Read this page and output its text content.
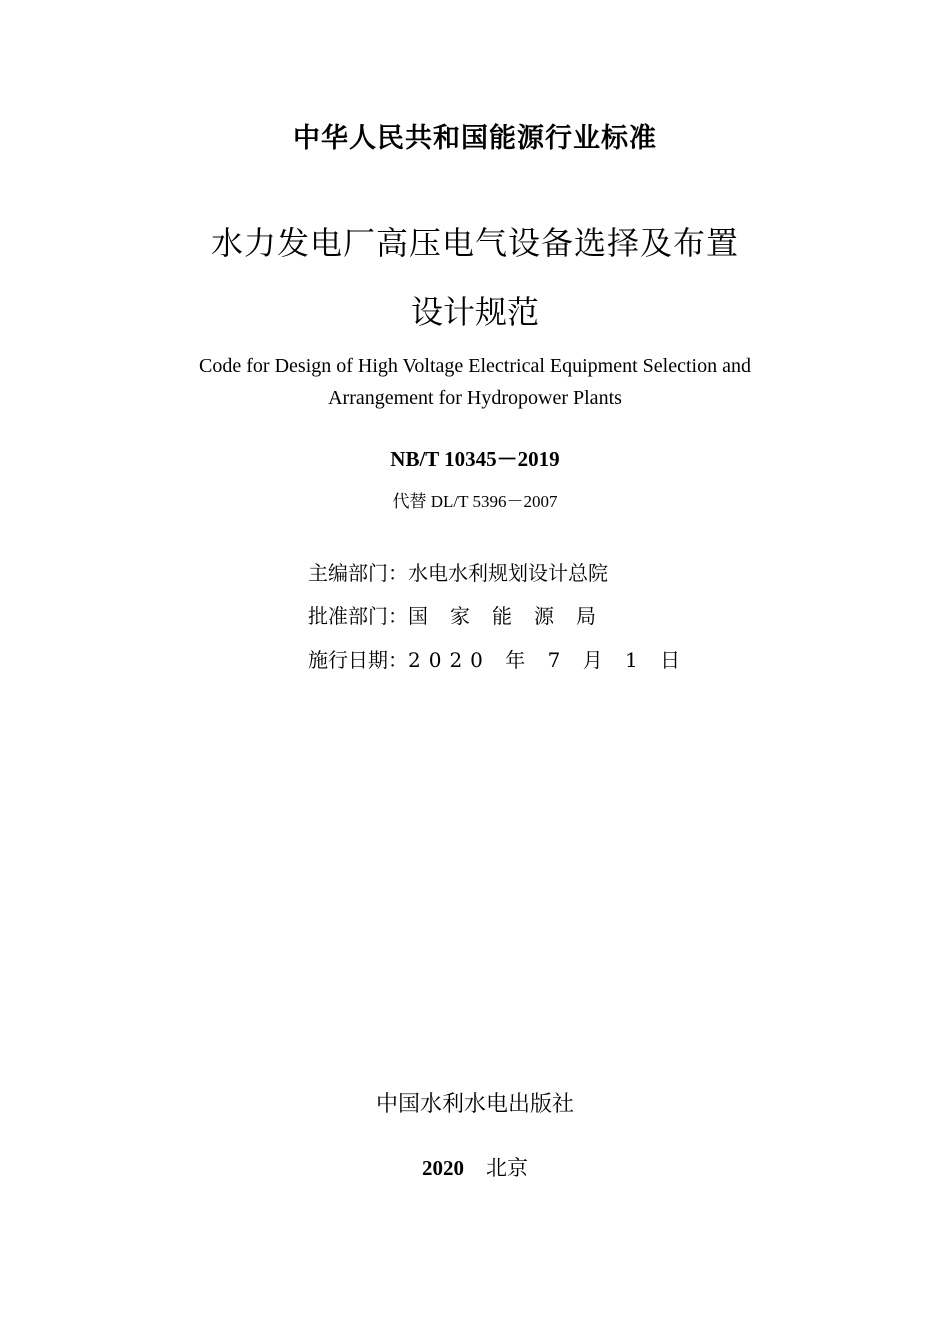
中华人民共和国能源行业标准
水力发电厂高压电气设备选择及布置
设计规范
Code for Design of High Voltage Electrical Equipment Selection and
Arrangement for Hydropower Plants
NB/T 10345－2019
代替 DL/T 5396－2007
主编部门：水电水利规划设计总院
批准部门：国家能源局
施行日期：2020 年 7 月 1 日
中国水利水电出版社
2020 北京
